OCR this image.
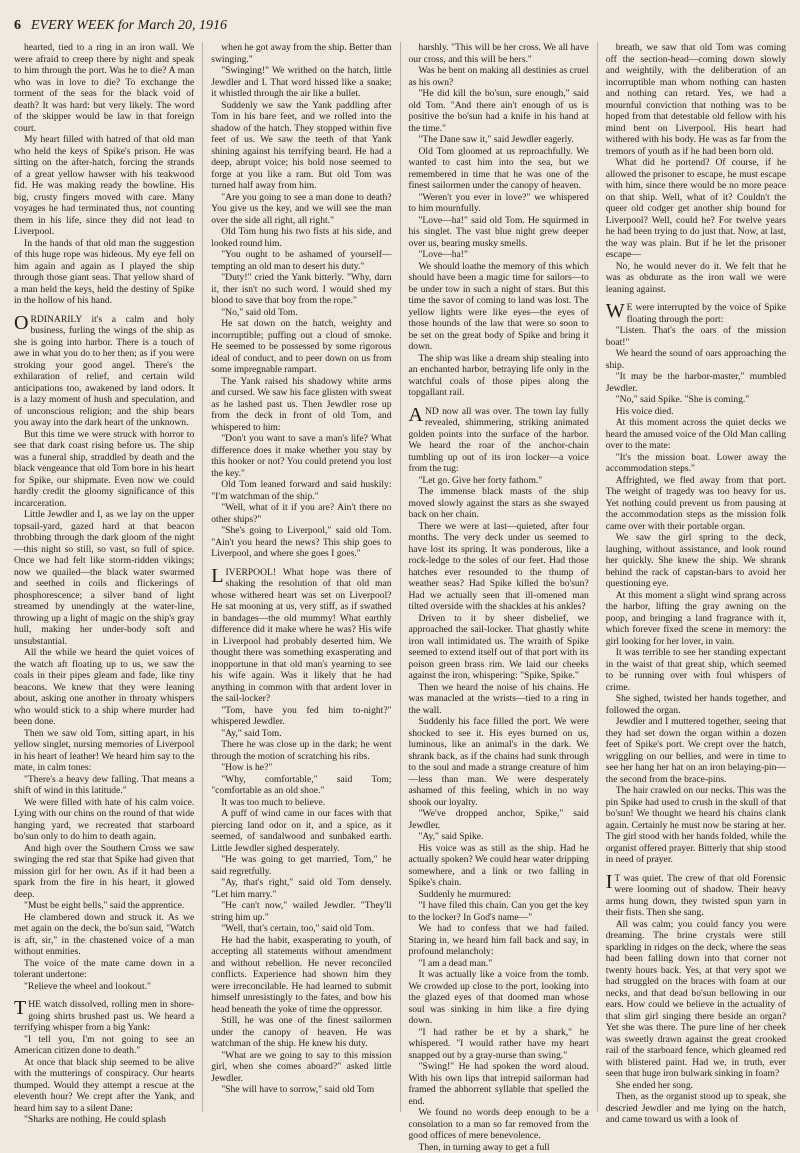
6 EVERY WEEK for March 20, 1916

hearted, tied to a ring in an iron wall. We were afraid to creep there by night and speak to him through the port. Was he to die? A man who was in love to die? To exchange the torment of the seas for the black void of death? It was hard: but very likely. The word of the skipper would be law in that foreign court.

My heart filled with hatred of that old man who held the keys of Spike's prison. He was sitting on the after-hatch, forcing the strands of a great yellow hawser with his teakwood fid. He was making ready the bowline. His big, crusty fingers moved with care. Many voyages he had terminated thus, not counting them in his life, since they did not lead to Liverpool.

In the hands of that old man the suggestion of this huge rope was hideous. My eye fell on him again and again as I played the ship through those giant seas. That yellow shard of a man held the keys, held the destiny of Spike in the hollow of his hand.

ORDINARILY it's a calm and holy business, furling the wings of the ship as she is going into harbor. There is a touch of awe in what you do to her then; as if you were stroking your good angel. There's the exhilaration of relief, and certain wild anticipations too, awakened by land odors. It is a lazy moment of hush and speculation, and of unconscious religion; and the ship bears you away into the dark heart of the unknown.

But this time we were struck with horror to see that dark coast rising before us. The ship was a funeral ship, straddled by death and the black vengeance that old Tom bore in his heart for Spike, our shipmate. Even now we could hardly credit the gloomy significance of this incarceration.

Little Jewdler and I, as we lay on the upper topsail-yard, gazed hard at that beacon throbbing through the dark gloom of the night—this night so still, so vast, so full of spice. Once we had felt like storm-ridden vikings; now we quailed—the black water swarmed and seethed in coils and flickerings of phosphorescence; a silver band of light streamed by unendingly at the water-line, throwing up a light of magic on the ship's gray hull, making her under-body soft and unsubstantial.

All the while we heard the quiet voices of the watch aft floating up to us, we saw the coals in their pipes gleam and fade, like tiny beacons. We knew that they were leaning about, asking one another in throaty whispers who would stick to a ship where murder had been done.

Then we saw old Tom, sitting apart, in his yellow singlet, nursing memories of Liverpool in his heart of leather! We heard him say to the mate, in calm tones:

"There's a heavy dew falling. That means a shift of wind in this latitude."

We were filled with hate of his calm voice. Lying with our chins on the round of that wide hanging yard, we recreated that starboard bo'sun only to do him to death again.

And high over the Southern Cross we saw swinging the red star that Spike had given that mission girl for her own. As if it had been a spark from the fire in his heart, it glowed deep.

"Must be eight bells," said the apprentice.

He clambered down and struck it. As we met again on the deck, the bo'sun said, "Watch is aft, sir," in the chastened voice of a man without enmities.

The voice of the mate came down in a tolerant undertone:

"Relieve the wheel and lookout."

THE watch dissolved, rolling men in shore-going shirts brushed past us. We heard a terrifying whisper from a big Yank:

"I tell you, I'm not going to see an American citizen done to death."

At once that black ship seemed to be alive with the mutterings of conspiracy. Our hearts thumped. Would they attempt a rescue at the eleventh hour? We crept after the Yank, and heard him say to a silent Dane:

"Sharks are nothing. He could splash

when he got away from the ship. Better than swinging."

"Swinging!" We writhed on the hatch, little Jewdler and I. That word hissed like a snake; it whistled through the air like a bullet.

Suddenly we saw the Yank paddling after Tom in his bare feet, and we rolled into the shadow of the hatch. They stopped within five feet of us. We saw the teeth of that Yank shining against his terrifying beard. He had a deep, abrupt voice; his bold nose seemed to forge at you like a ram. But old Tom was turned half away from him.

"Are you going to see a man done to death? You give us the key, and we will see the man over the side all right, all right."

Old Tom hung his two fists at his side, and looked round him.

"You ought to be ashamed of yourself—tempting an old man to desert his duty."

"Duty!" cried the Yank bitterly. "Why, darn it, ther isn't no such word. I would shed my blood to save that boy from the rope."

"No," said old Tom.

He sat down on the hatch, weighty and incorruptible; puffing out a cloud of smoke. He seemed to be possessed by some rigorous ideal of conduct, and to peer down on us from some impregnable rampart.

The Yank raised his shadowy white arms and cursed. We saw his face glisten with sweat as he lashed past us. Then Jewdler rose up from the deck in front of old Tom, and whispered to him:

"Don't you want to save a man's life? What difference does it make whether you stay by this hooker or not? You could pretend you lost the key."

Old Tom leaned forward and said huskily: "I'm watchman of the ship."

"Well, what of it if you are? Ain't there no other ships?"

"She's going to Liverpool," said old Tom. "Ain't you heard the news? This ship goes to Liverpool, and where she goes I goes."

LIVERPOOL! What hope was there of shaking the resolution of that old man whose withered heart was set on Liverpool? He sat mooning at us, very stiff, as if swathed in bandages—the old mummy! What earthly difference did it make where he was? His wife in Liverpool had probably deserted him. We thought there was something exasperating and inopportune in that old man's yearning to see his wife again. Was it likely that he had anything in common with that ardent lover in the sail-locker?

"Tom, have you fed him to-night?" whispered Jewdler.

"Ay," said Tom.

There he was close up in the dark; he went through the motion of scratching his ribs.

"How is he?"

"Why, comfortable," said Tom; "comfortable as an old shoe."

It was too much to believe.

A puff of wind came in our faces with that piercing land odor on it, and a spice, as it seemed, of sandalwood and sunbaked earth. Little Jewdler sighed desperately.

"He was going to get married, Tom," he said regretfully.

"Ay, that's right," said old Tom densely. "Let him marry."

"He can't now," wailed Jewdler. "They'll string him up."

"Well, that's certain, too," said old Tom.

He had the habit, exasperating to youth, of accepting all statements without amendment and without rebellion. He never reconciled conflicts. Experience had shown him they were irreconcilable. He had learned to submit himself unresistingly to the fates, and bow his head beneath the yoke of time the oppressor.

Still, he was one of the finest sailormen under the canopy of heaven. He was watchman of the ship. He knew his duty.

"What are we going to say to this mission girl, when she comes aboard?" asked little Jewdler.

"She will have to sorrow," said old Tom

harshly. "This will be her cross. We all have our cross, and this will be hers."

Was he bent on making all destinies as cruel as his own?

"He did kill the bo'sun, sure enough," said old Tom. "And there ain't enough of us is positive the bo'sun had a knife in his hand at the time."

"The Dane saw it," said Jewdler eagerly.

Old Tom gloomed at us reproachfully. We wanted to cast him into the sea, but we remembered in time that he was one of the finest sailormen under the canopy of heaven.

"Weren't you ever in love?" we whispered to him mournfully.

"Love—ha!" said old Tom. He squirmed in his singlet. The vast blue night grew deeper over us, bearing musky smells.

"Love—ha!"

We should loathe the memory of this which should have been a magic time for sailors—to be under tow in such a night of stars. But this time the savor of coming to land was lost. The yellow lights were like eyes—the eyes of those hounds of the law that were so soon to be set on the great body of Spike and bring it down.

The ship was like a dream ship stealing into an enchanted harbor, betraying life only in the watchful coals of those pipes along the topgallant rail.

AND now all was over. The town lay fully revealed, shimmering, striking animated golden points into the surface of the harbor. We heard the roar of the anchor-chain tumbling up out of its iron locker—a voice from the tug:

"Let go. Give her forty fathom."

The immense black masts of the ship moved slowly against the stars as she swayed back on her chain.

There we were at last—quieted, after four months. The very deck under us seemed to have lost its spring. It was ponderous, like a rock-ledge to the soles of our feet. Had those hatches ever resounded to the thump of weather seas? Had Spike killed the bo'sun? Had we actually seen that ill-omened man tilted overside with the shackles at his ankles?

Driven to it by sheer disbelief, we approached the sail-locker. That ghastly white iron wall intimidated us. The wraith of Spike seemed to extend itself out of that port with its poison green brass rim. We laid our cheeks against the iron, whispering: "Spike, Spike."

Then we heard the noise of his chains. He was manacled at the wrists—tied to a ring in the wall.

Suddenly his face filled the port. We were shocked to see it. His eyes burned on us, luminous, like an animal's in the dark. We shrank back, as if the chains had sunk through to the soul and made a strange creature of him—less than man. We were desperately ashamed of this feeling, which in no way shook our loyalty.

"We've dropped anchor, Spike," said Jewdler.

"Ay," said Spike.

His voice was as still as the ship. Had he actually spoken? We could hear water dripping somewhere, and a link or two falling in Spike's chain.

Suddenly he murmured:

"I have filed this chain. Can you get the key to the locker? In God's name—"

We had to confess that we had failed. Staring in, we heard him fall back and say, in profound melancholy:

"I am a dead man."

It was actually like a voice from the tomb. We crowded up close to the port, looking into the glazed eyes of that doomed man whose soul was sinking in him like a fire dying down.

"I had rather be et by a shark," he whispered. "I would rather have my heart snapped out by a gray-nurse than swing."

"Swing!" He had spoken the word aloud. With his own lips that intrepid sailorman had framed the abhorrent syllable that spelled the end.

We found no words deep enough to be a consolation to a man so far removed from the good offices of mere benevolence.

Then, in turning away to get a full

breath, we saw that old Tom was coming off the section-head—coming down slowly and weightily, with the deliberation of an incorruptible man whom nothing can hasten and nothing can retard. Yes, we had a mournful conviction that nothing was to be hoped from that detestable old fellow with his mind bent on Liverpool. His heart had withered with his body. He was as far from the tremors of youth as if he had been born old.

What did he portend? Of course, if he allowed the prisoner to escape, he must escape with him, since there would be no more peace on that ship. Well, what of it? Couldn't the queer old codger get another ship bound for Liverpool? Well, could he? For twelve years he had been trying to do just that. Now, at last, the way was plain. But if he let the prisoner escape—

No, he would never do it. We felt that he was as obdurate as the iron wall we were leaning against.

WE were interrupted by the voice of Spike floating through the port:

"Listen. That's the oars of the mission boat!"

We heard the sound of oars approaching the ship.

"It may be the harbor-master," mumbled Jewdler.

"No," said Spike. "She is coming."

His voice died.

At this moment across the quiet decks we heard the amused voice of the Old Man calling over to the mate:

"It's the mission boat. Lower away the accommodation steps."

Affrighted, we fled away from that port. The weight of tragedy was too heavy for us. Yet nothing could prevent us from pausing at the accommodation steps as the mission folk came over with their portable organ.

We saw the girl spring to the deck, laughing, without assistance, and look round her quickly. She knew the ship. We shrank behind the rack of capstan-bars to avoid her questioning eye.

At this moment a slight wind sprang across the harbor, lifting the gray awning on the poop, and bringing a land fragrance with it, which forever fixed the scene in memory: the girl looking for her lover, in vain.

It was terrible to see her standing expectant in the waist of that great ship, which seemed to be running over with foul whispers of crime.

She sighed, twisted her hands together, and followed the organ.

Jewdler and I muttered together, seeing that they had set down the organ within a dozen feet of Spike's port. We crept over the hatch, wriggling on our bellies, and were in time to see her hang her hat on an iron belaying-pin—the second from the brace-pins.

The hair crawled on our necks. This was the pin Spike had used to crush in the skull of that bo'sun! We thought we heard his chains clank again. Certainly he must now be staring at her. The girl stood with her hands folded, while the organist offered prayer. Bitterly that ship stood in need of prayer.

IT was quiet. The crew of that old Forensic were looming out of shadow. Their heavy arms hung down, they twisted spun yarn in their fists. Then she sang.

All was calm; you could fancy you were dreaming. The brine crystals were still sparkling in ridges on the deck, where the seas had been falling down into that corner not twenty hours back. Yes, at that very spot we had struggled on the braces with foam at our necks, and that dead bo'sun bellowing in our ears. How could we believe in the actuality of that slim girl singing there beside an organ? Yet she was there. The pure line of her cheek was sweetly drawn against the great crooked rail of the starboard fence, which gleamed red with blistered paint. Had we, in truth, ever seen that huge iron bulwark sinking in foam?

She ended her song.

Then, as the organist stood up to speak, she descried Jewdler and me lying on the hatch, and came toward us with a look of
